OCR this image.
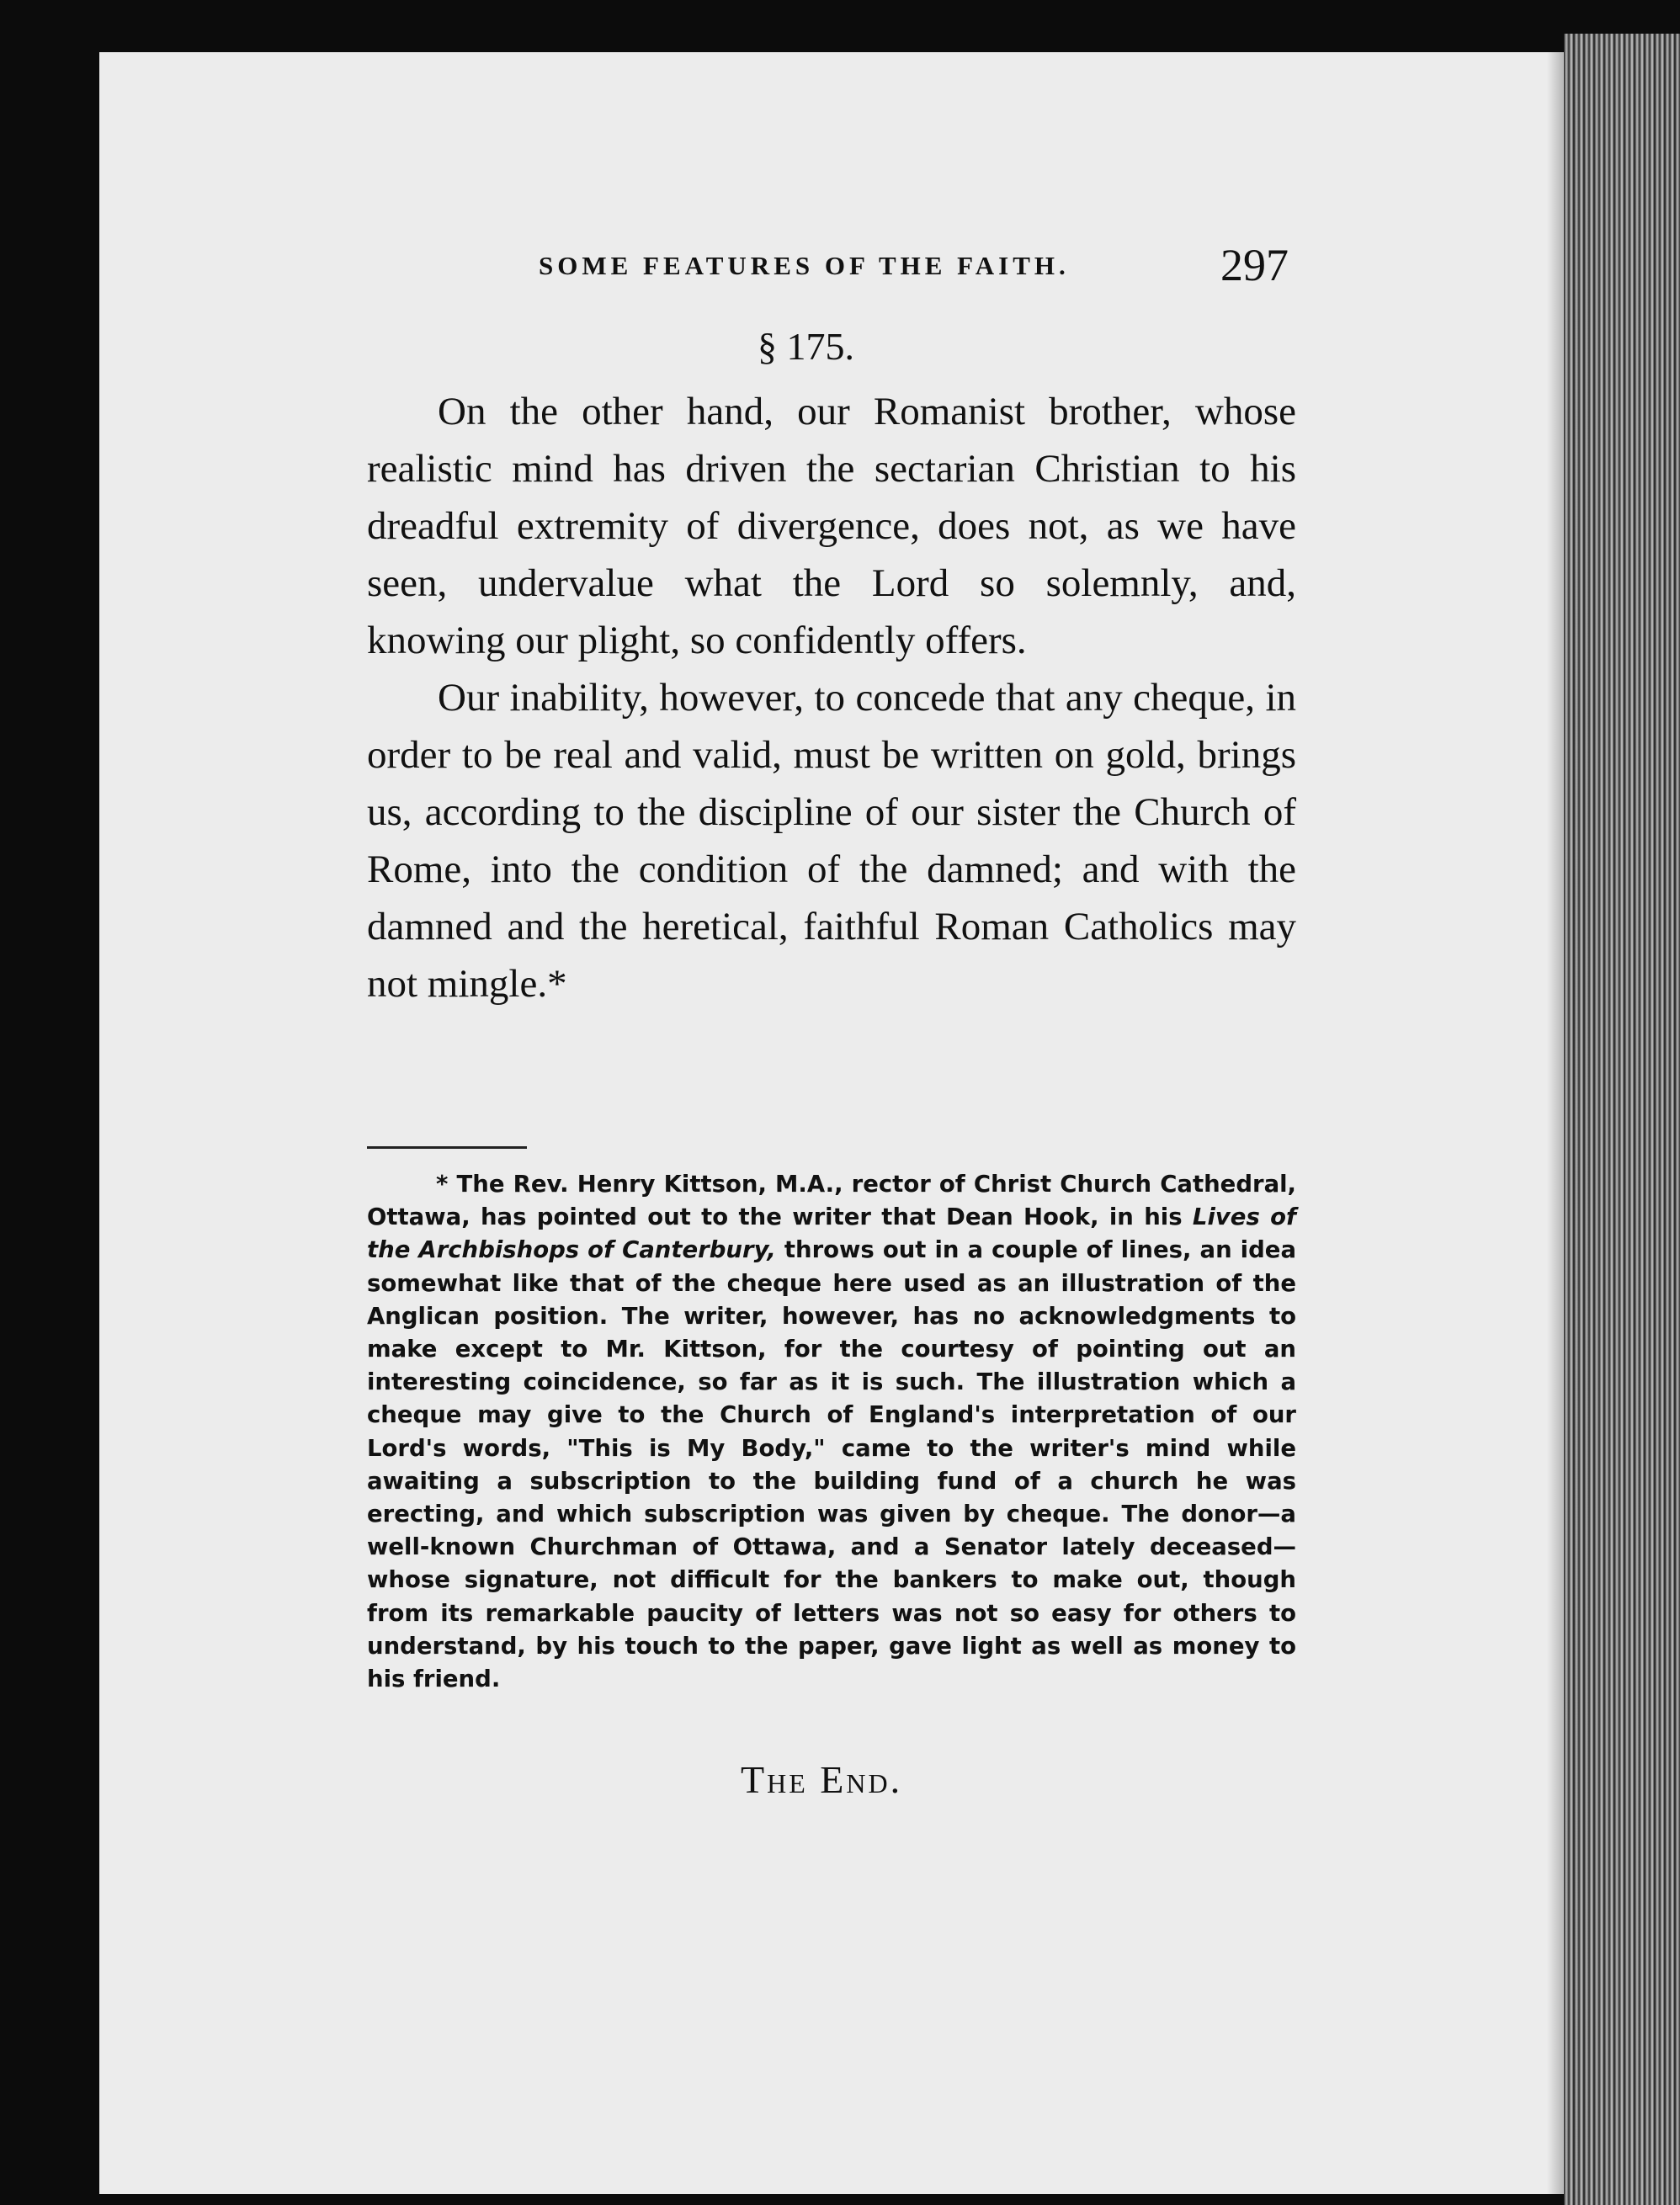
SOME FEATURES OF THE FAITH.	297
§ 175.

On the other hand, our Romanist brother, whose realistic mind has driven the sectarian Christian to his dreadful extremity of divergence, does not, as we have seen, undervalue what the Lord so solemnly, and, knowing our plight, so confidently offers.

Our inability, however, to concede that any cheque, in order to be real and valid, must be written on gold, brings us, according to the discipline of our sister the Church of Rome, into the condition of the damned; and with the damned and the heretical, faithful Roman Catholics may not mingle.*

* The Rev. Henry Kittson, M.A., rector of Christ Church Cathedral, Ottawa, has pointed out to the writer that Dean Hook, in his Lives of the Archbishops of Canterbury, throws out in a couple of lines, an idea somewhat like that of the cheque here used as an illustration of the Anglican position. The writer, however, has no acknowledgments to make except to Mr. Kittson, for the courtesy of pointing out an interesting coincidence, so far as it is such. The illustration which a cheque may give to the Church of England's interpretation of our Lord's words, "This is My Body," came to the writer's mind while awaiting a subscription to the building fund of a church he was erecting, and which subscription was given by cheque. The donor—a well-known Churchman of Ottawa, and a Senator lately deceased—whose signature, not difficult for the bankers to make out, though from its remarkable paucity of letters was not so easy for others to understand, by his touch to the paper, gave light as well as money to his friend.
The End.
